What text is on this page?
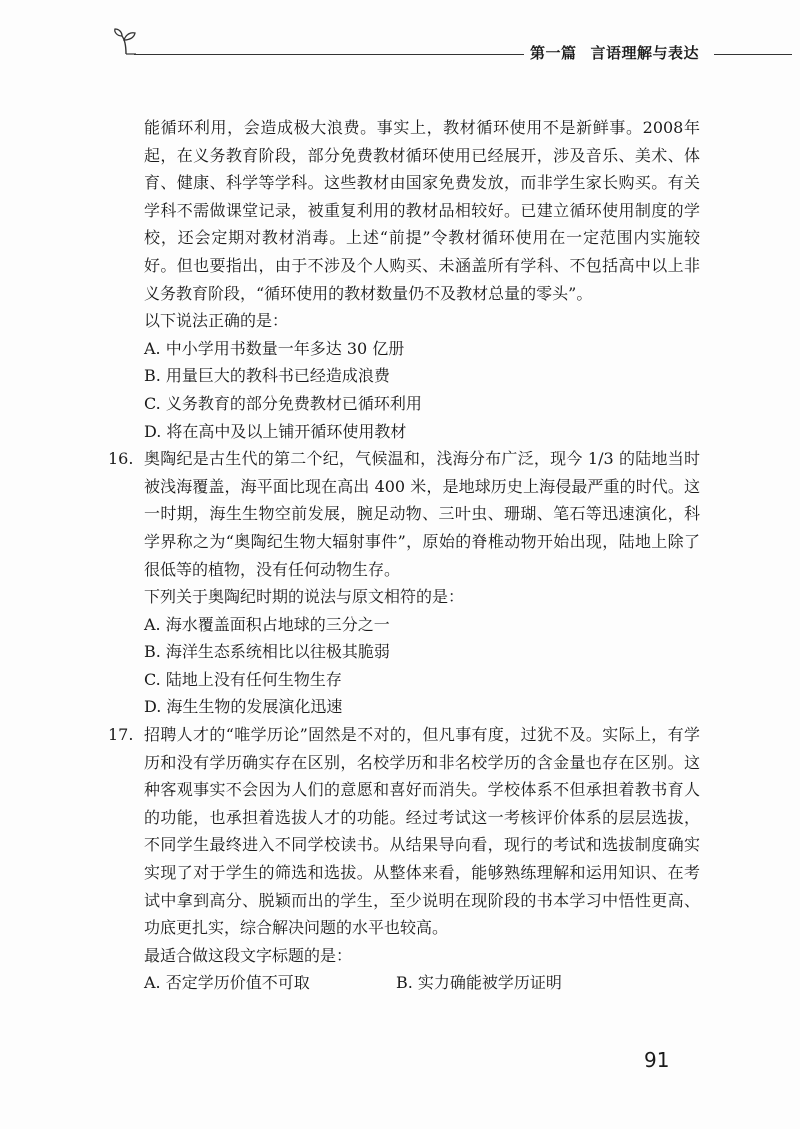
第一篇 言语理解与表达

能循环利用，会造成极大浪费。事实上，教材循环使用不是新鲜事。2008年起，在义务教育阶段，部分免费教材循环使用已经展开，涉及音乐、美术、体育、健康、科学等学科。这些教材由国家免费发放，而非学生家长购买。有关学科不需做课堂记录，被重复利用的教材品相较好。已建立循环使用制度的学校，还会定期对教材消毒。上述“前提”令教材循环使用在一定范围内实施较好。但也要指出，由于不涉及个人购买、未涵盖所有学科、不包括高中以上非义务教育阶段，“循环使用的教材数量仍不及教材总量的零头”。

以下说法正确的是：

A. 中小学用书数量一年多达 30 亿册

B. 用量巨大的教科书已经造成浪费

C. 义务教育的部分免费教材已循环利用

D. 将在高中及以上铺开循环使用教材

16. 奥陶纪是古生代的第二个纪，气候温和，浅海分布广泛，现今 1/3 的陆地当时被浅海覆盖，海平面比现在高出 400 米，是地球历史上海侵最严重的时代。这一时期，海生生物空前发展，腕足动物、三叶虫、珊瑚、笔石等迅速演化，科学界称之为“奥陶纪生物大辐射事件”，原始的脊椎动物开始出现，陆地上除了很低等的植物，没有任何动物生存。

下列关于奥陶纪时期的说法与原文相符的是：

A. 海水覆盖面积占地球的三分之一

B. 海洋生态系统相比以往极其脆弱

C. 陆地上没有任何生物生存

D. 海生生物的发展演化迅速

17. 招聘人才的“唯学历论”固然是不对的，但凡事有度，过犹不及。实际上，有学历和没有学历确实存在区别，名校学历和非名校学历的含金量也存在区别。这种客观事实不会因为人们的意愿和喜好而消失。学校体系不但承担着教书育人的功能，也承担着选拔人才的功能。经过考试这一考核评价体系的层层选拔，不同学生最终进入不同学校读书。从结果导向看，现行的考试和选拔制度确实实现了对于学生的筛选和选拔。从整体来看，能够熟练理解和运用知识、在考试中拿到高分、脱颖而出的学生，至少说明在现阶段的书本学习中悟性更高、功底更扎实，综合解决问题的水平也较高。

最适合做这段文字标题的是：

A. 否定学历价值不可取	B. 实力确能被学历证明
91
